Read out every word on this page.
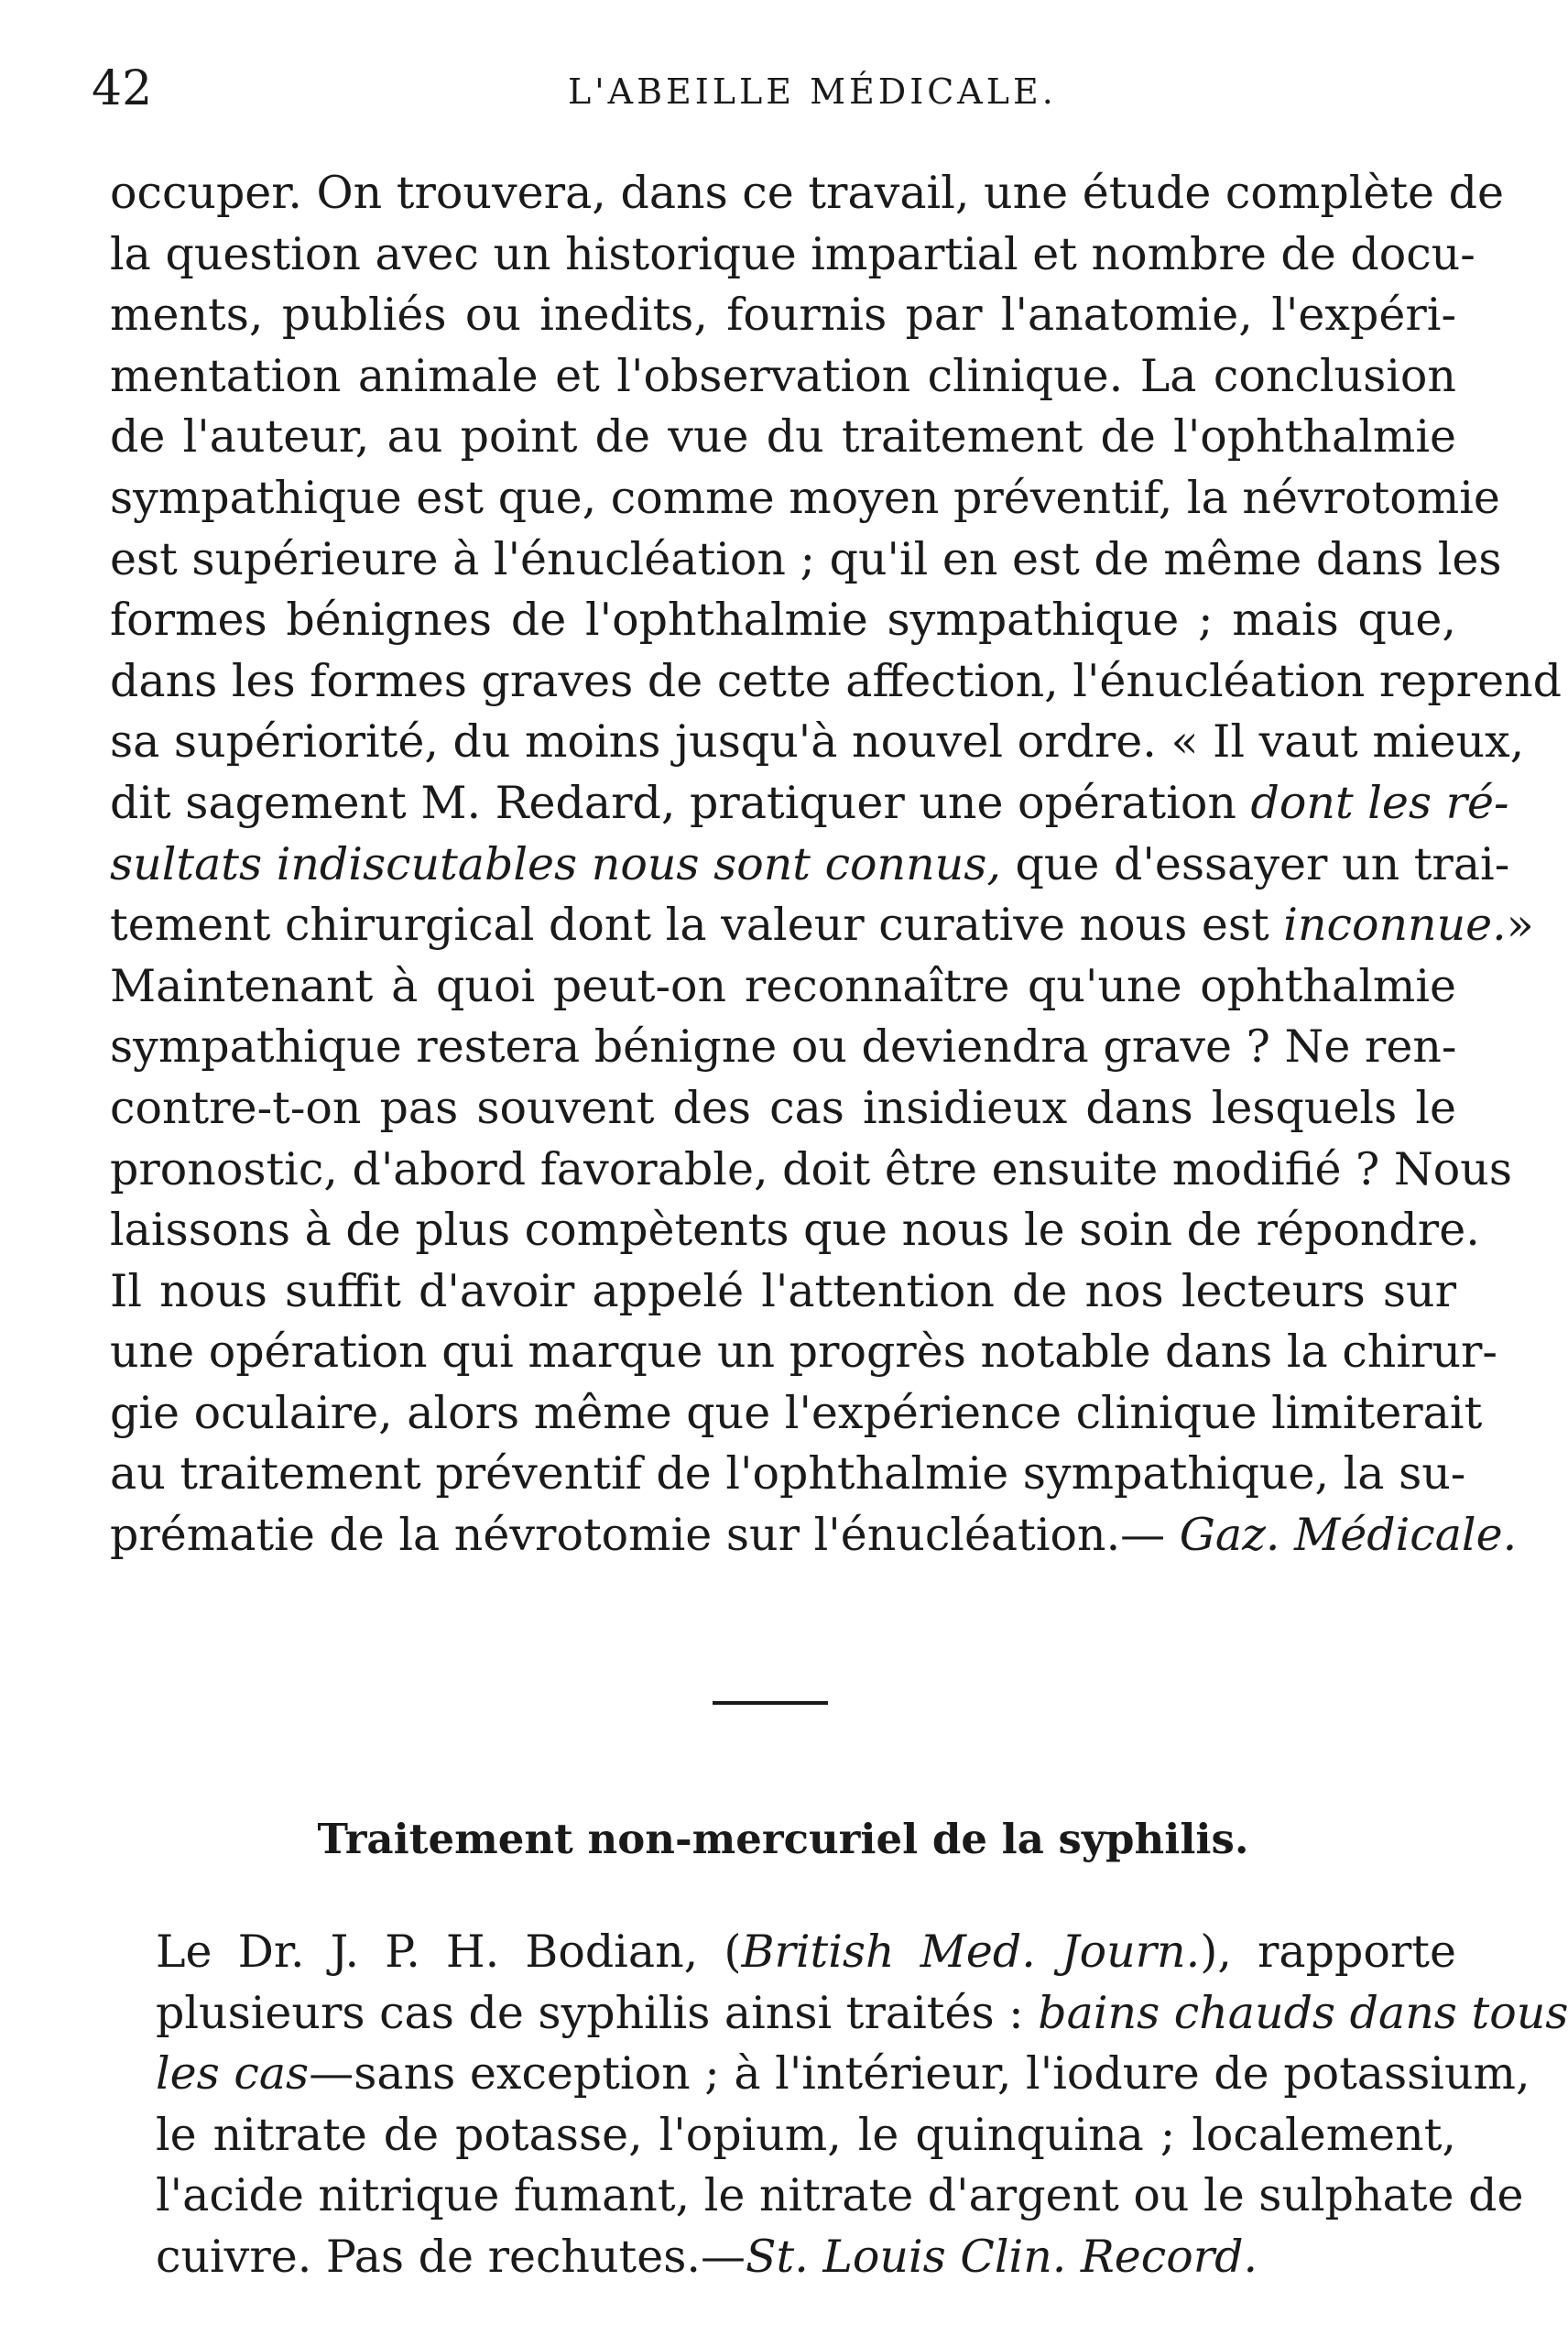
42	L'ABEILLE MÉDICALE.
occuper. On trouvera, dans ce travail, une étude complète de
la question avec un historique impartial et nombre de docu-
ments, publiés ou inedits, fournis par l'anatomie, l'expéri-
mentation animale et l'observation clinique. La conclusion
de l'auteur, au point de vue du traitement de l'ophthalmie
sympathique est que, comme moyen préventif, la névrotomie
est supérieure à l'énucléation ; qu'il en est de même dans les
formes bénignes de l'ophthalmie sympathique ; mais que,
dans les formes graves de cette affection, l'énucléation reprend
sa supériorité, du moins jusqu'à nouvel ordre. « Il vaut mieux,
dit sagement M. Redard, pratiquer une opération dont les ré-
sultats indiscutables nous sont connus, que d'essayer un trai-
tement chirurgical dont la valeur curative nous est inconnue.»
Maintenant à quoi peut-on reconnaître qu'une ophthalmie
sympathique restera bénigne ou deviendra grave ? Ne ren-
contre-t-on pas souvent des cas insidieux dans lesquels le
pronostic, d'abord favorable, doit être ensuite modifié ? Nous
laissons à de plus compètents que nous le soin de répondre.
Il nous suffit d'avoir appelé l'attention de nos lecteurs sur
une opération qui marque un progrès notable dans la chirur-
gie oculaire, alors même que l'expérience clinique limiterait
au traitement préventif de l'ophthalmie sympathique, la su-
prématie de la névrotomie sur l'énucléation.— Gaz. Médicale.
Traitement non-mercuriel de la syphilis.
Le Dr. J. P. H. Bodian, (British Med. Journ.), rapporte
plusieurs cas de syphilis ainsi traités : bains chauds dans tous
les cas—sans exception ; à l'intérieur, l'iodure de potassium,
le nitrate de potasse, l'opium, le quinquina ; localement,
l'acide nitrique fumant, le nitrate d'argent ou le sulphate de
cuivre. Pas de rechutes.—St. Louis Clin. Record.
